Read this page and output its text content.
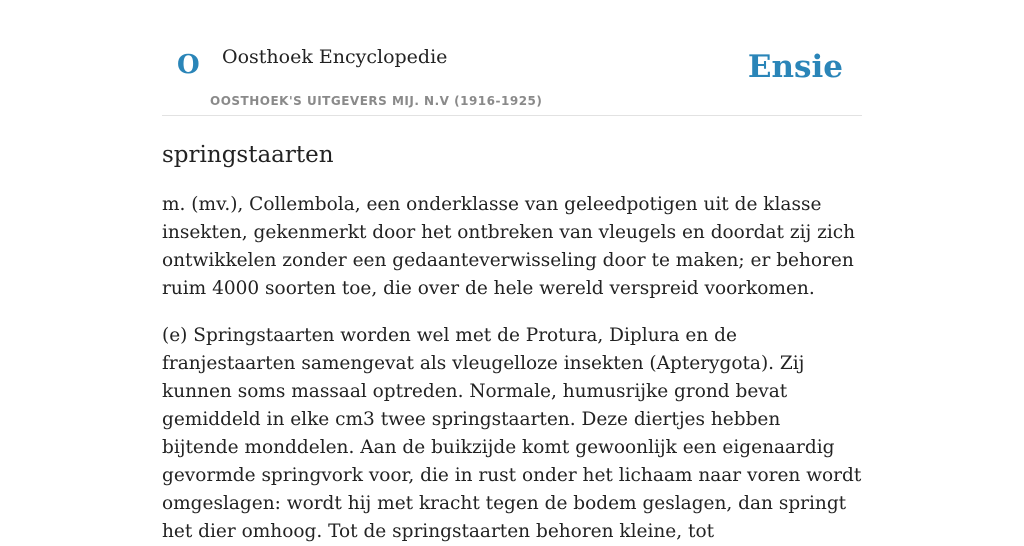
O Oosthoek Encyclopedie
OOSTHOEK'S UITGEVERS MIJ. N.V (1916-1925)
Ensie
springstaarten

m. (mv.), Collembola, een onderklasse van geleedpotigen uit de klasse insekten, gekenmerkt door het ontbreken van vleugels en doordat zij zich ontwikkelen zonder een gedaanteverwisseling door te maken; er behoren ruim 4000 soorten toe, die over de hele wereld verspreid voorkomen.

(e) Springstaarten worden wel met de Protura, Diplura en de franjestaarten samengevat als vleugelloze insekten (Apterygota). Zij kunnen soms massaal optreden. Normale, humusrijke grond bevat gemiddeld in elke cm3 twee springstaarten. Deze diertjes hebben bijtende monddelen. Aan de buikzijde komt gewoonlijk een eigenaardig gevormde springvork voor, die in rust onder het lichaam naar voren wordt omgeslagen: wordt hij met kracht tegen de bodem geslagen, dan springt het dier omhoog. Tot de springstaarten behoren kleine, tot
